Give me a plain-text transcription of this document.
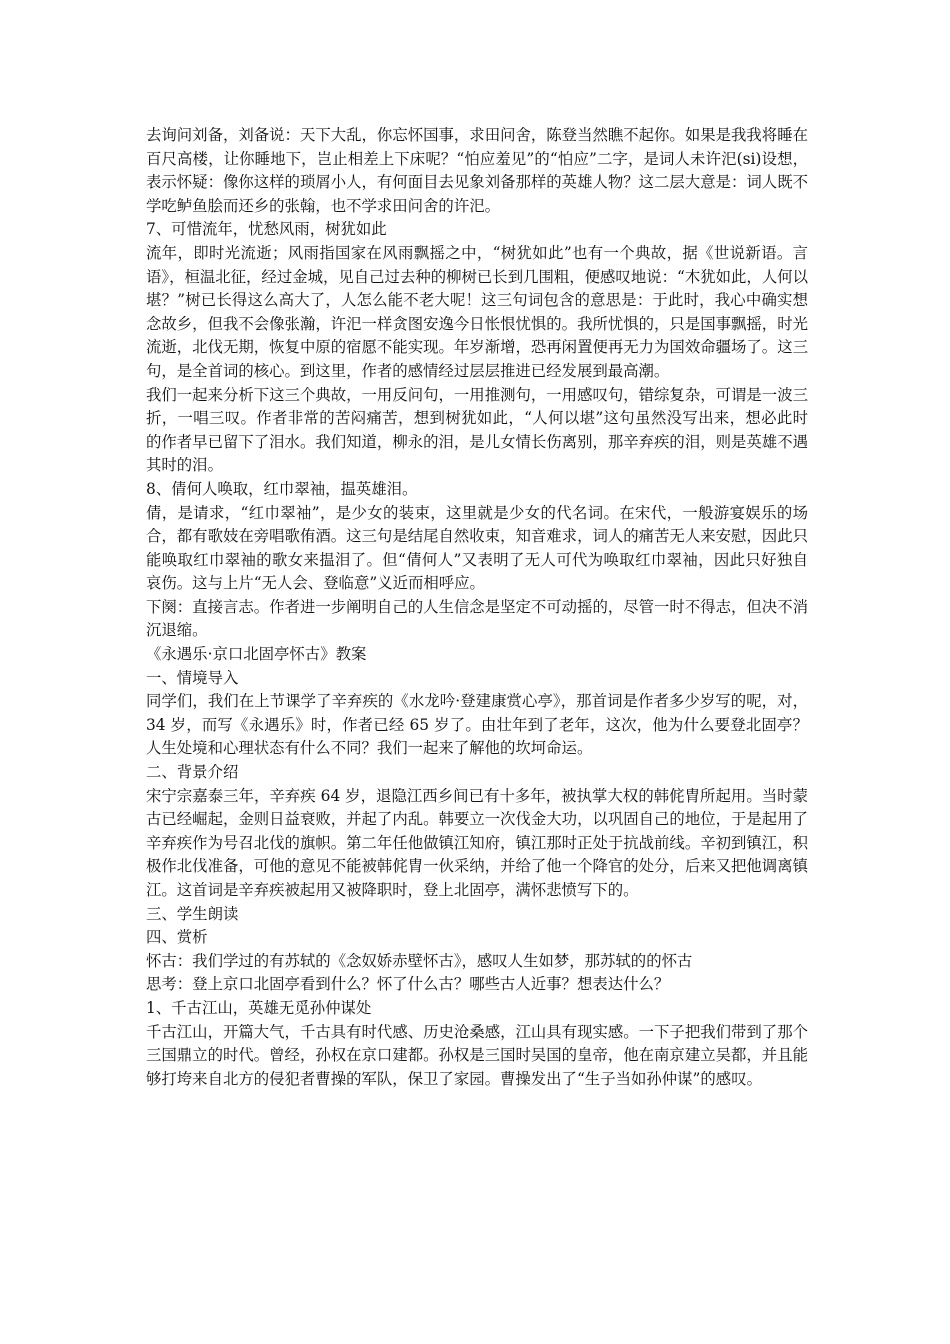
去询问刘备，刘备说：天下大乱，你忘怀国事，求田问舍，陈登当然瞧不起你。如果是我我将睡在百尺高楼，让你睡地下，岂止相差上下床呢？“怕应羞见”的“怕应”二字，是词人未许汜(si)设想，表示怀疑：像你这样的琐屑小人，有何面目去见象刘备那样的英雄人物？这二层大意是：词人既不学吃鲈鱼脍而还乡的张翰，也不学求田问舍的许汜。

7、可惜流年，忧愁风雨，树犹如此

流年，即时光流逝；风雨指国家在风雨飘摇之中，“树犹如此”也有一个典故，据《世说新语。言语》，桓温北征，经过金城，见自己过去种的柳树已长到几围粗，便感叹地说：“木犹如此，人何以堪？”树已长得这么高大了，人怎么能不老大呢！这三句词包含的意思是：于此时，我心中确实想念故乡，但我不会像张瀚，许汜一样贪图安逸今日怅恨忧惧的。我所忧惧的，只是国事飘摇，时光流逝，北伐无期，恢复中原的宿愿不能实现。年岁渐增，恐再闲置便再无力为国效命疆场了。这三句，是全首词的核心。到这里，作者的感情经过层层推进已经发展到最高潮。

我们一起来分析下这三个典故，一用反问句，一用推测句，一用感叹句，错综复杂，可谓是一波三折，一唱三叹。作者非常的苦闷痛苦，想到树犹如此，“人何以堪”这句虽然没写出来，想必此时的作者早已留下了泪水。我们知道，柳永的泪，是儿女情长伤离别，那辛弃疾的泪，则是英雄不遇其时的泪。

8、倩何人唤取，红巾翠袖，揾英雄泪。

倩，是请求，“红巾翠袖”，是少女的装束，这里就是少女的代名词。在宋代，一般游宴娱乐的场合，都有歌妓在旁唱歌侑酒。这三句是结尾自然收束，知音难求，词人的痛苦无人来安慰，因此只能唤取红巾翠袖的歌女来揾泪了。但“倩何人”又表明了无人可代为唤取红巾翠袖，因此只好独自哀伤。这与上片“无人会、登临意”义近而相呼应。

下阕：直接言志。作者进一步阐明自己的人生信念是坚定不可动摇的，尽管一时不得志，但决不消沉退缩。

《永遇乐·京口北固亭怀古》教案

一、情境导入

同学们，我们在上节课学了辛弃疾的《水龙吟·登建康赏心亭》，那首词是作者多少岁写的呢，对，34 岁，而写《永遇乐》时，作者已经 65 岁了。由壮年到了老年，这次，他为什么要登北固亭？人生处境和心理状态有什么不同？我们一起来了解他的坎坷命运。

二、背景介绍

宋宁宗嘉泰三年，辛弃疾 64 岁，退隐江西乡间已有十多年，被执掌大权的韩侂胄所起用。当时蒙古已经崛起，金则日益衰败，并起了内乱。韩要立一次伐金大功，以巩固自己的地位，于是起用了辛弃疾作为号召北伐的旗帜。第二年任他做镇江知府，镇江那时正处于抗战前线。辛初到镇江，积极作北伐准备，可他的意见不能被韩侂胄一伙采纳，并给了他一个降官的处分，后来又把他调离镇江。这首词是辛弃疾被起用又被降职时，登上北固亭，满怀悲愤写下的。

三、学生朗读

四、赏析

怀古：我们学过的有苏轼的《念奴娇赤壁怀古》，感叹人生如梦，那苏轼的的怀古

思考：登上京口北固亭看到什么？怀了什么古？哪些古人近事？想表达什么？

1、千古江山，英雄无觅孙仲谋处

千古江山，开篇大气，千古具有时代感、历史沧桑感，江山具有现实感。一下子把我们带到了那个三国鼎立的时代。曾经，孙权在京口建都。孙权是三国时吴国的皇帝，他在南京建立吴都，并且能够打垮来自北方的侵犯者曹操的军队，保卫了家园。曹操发出了“生子当如孙仲谋”的感叹。
